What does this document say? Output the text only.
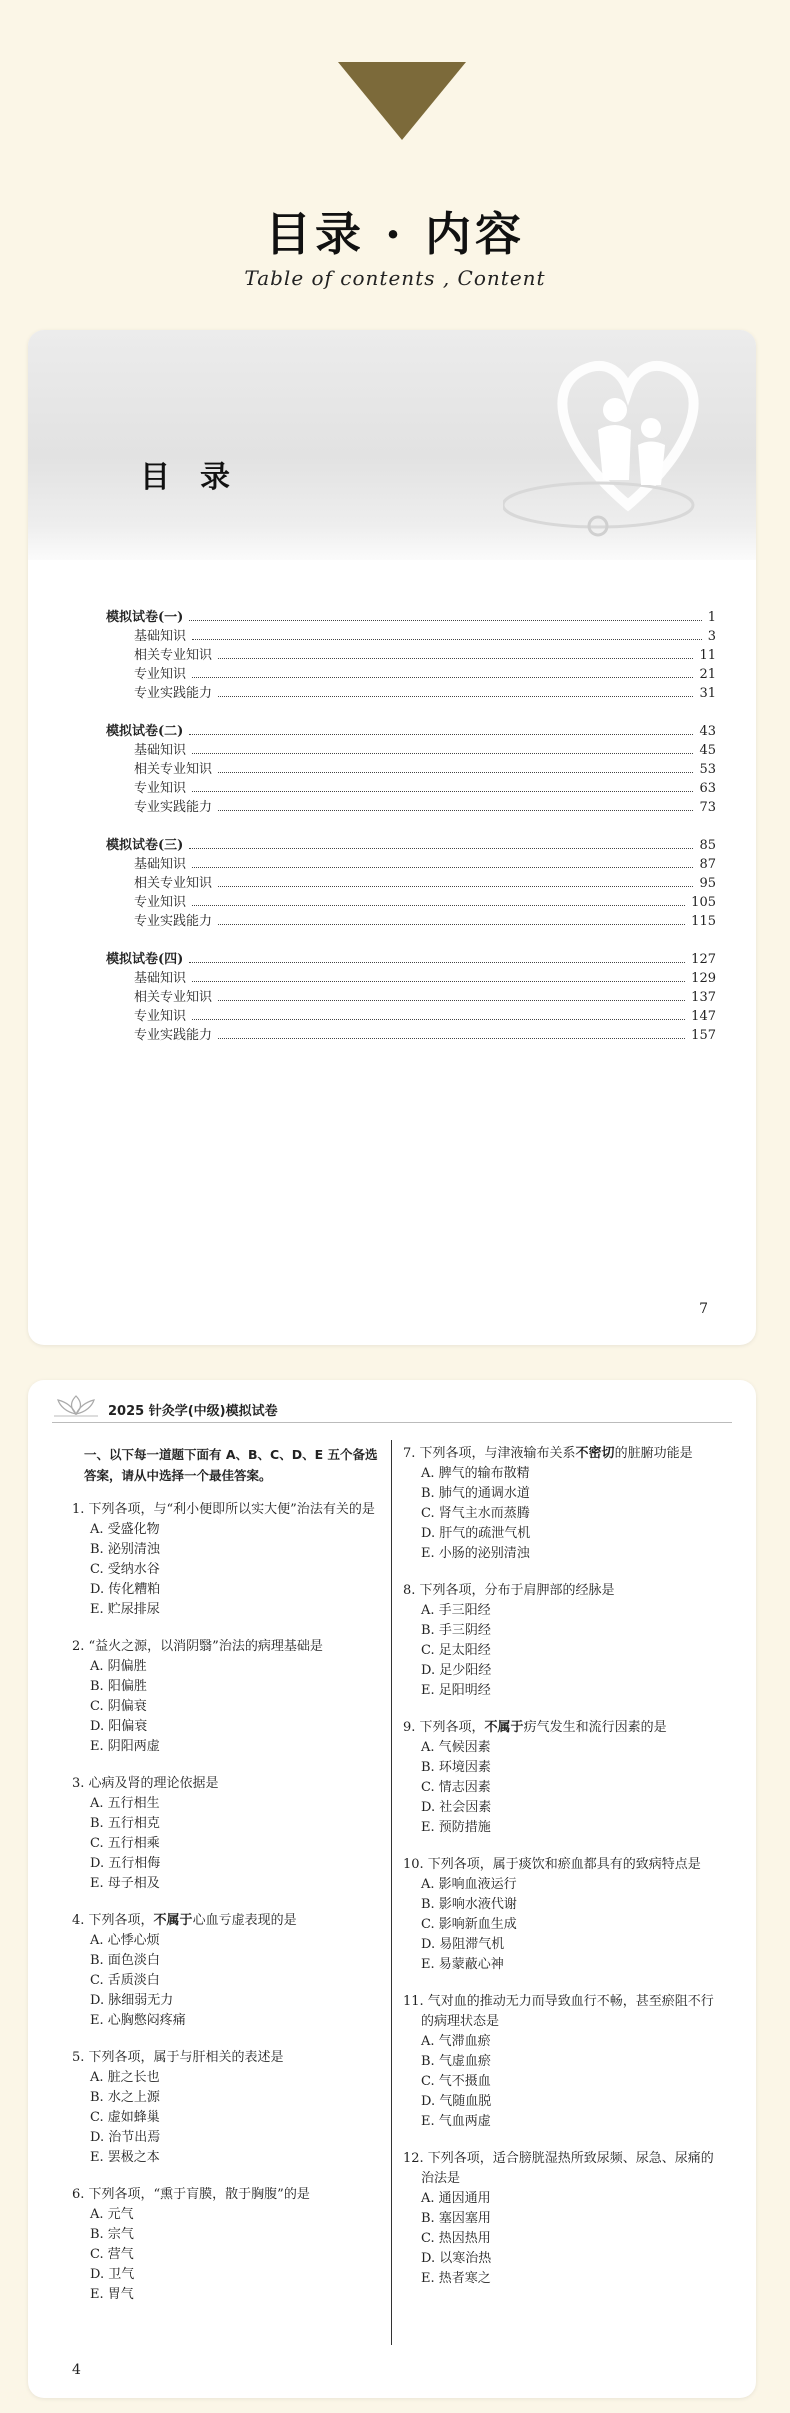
目录 · 内容
Table of contents , Content
目录
模拟试卷(一)	1
基础知识	3
相关专业知识	11
专业知识	21
专业实践能力	31
模拟试卷(二)	43
基础知识	45
相关专业知识	53
专业知识	63
专业实践能力	73
模拟试卷(三)	85
基础知识	87
相关专业知识	95
专业知识	105
专业实践能力	115
模拟试卷(四)	127
基础知识	129
相关专业知识	137
专业知识	147
专业实践能力	157
7
2025 针灸学(中级)模拟试卷
一、以下每一道题下面有 A、B、C、D、E 五个备选答案，请从中选择一个最佳答案。
1. 下列各项，与“利小便即所以实大便”治法有关的是
A. 受盛化物
B. 泌别清浊
C. 受纳水谷
D. 传化糟粕
E. 贮尿排尿
2. “益火之源，以消阴翳”治法的病理基础是
A. 阴偏胜
B. 阳偏胜
C. 阴偏衰
D. 阳偏衰
E. 阴阳两虚
3. 心病及肾的理论依据是
A. 五行相生
B. 五行相克
C. 五行相乘
D. 五行相侮
E. 母子相及
4. 下列各项，不属于心血亏虚表现的是
A. 心悸心烦
B. 面色淡白
C. 舌质淡白
D. 脉细弱无力
E. 心胸憋闷疼痛
5. 下列各项，属于与肝相关的表述是
A. 脏之长也
B. 水之上源
C. 虚如蜂巢
D. 治节出焉
E. 罢极之本
6. 下列各项，“熏于肓膜，散于胸腹”的是
A. 元气
B. 宗气
C. 营气
D. 卫气
E. 胃气
7. 下列各项，与津液输布关系不密切的脏腑功能是
A. 脾气的输布散精
B. 肺气的通调水道
C. 肾气主水而蒸腾
D. 肝气的疏泄气机
E. 小肠的泌别清浊
8. 下列各项，分布于肩胛部的经脉是
A. 手三阳经
B. 手三阴经
C. 足太阳经
D. 足少阳经
E. 足阳明经
9. 下列各项，不属于疠气发生和流行因素的是
A. 气候因素
B. 环境因素
C. 情志因素
D. 社会因素
E. 预防措施
10. 下列各项，属于痰饮和瘀血都具有的致病特点是
A. 影响血液运行
B. 影响水液代谢
C. 影响新血生成
D. 易阻滞气机
E. 易蒙蔽心神
11. 气对血的推动无力而导致血行不畅，甚至瘀阻不行的病理状态是
A. 气滞血瘀
B. 气虚血瘀
C. 气不摄血
D. 气随血脱
E. 气血两虚
12. 下列各项，适合膀胱湿热所致尿频、尿急、尿痛的治法是
A. 通因通用
B. 塞因塞用
C. 热因热用
D. 以寒治热
E. 热者寒之
4
